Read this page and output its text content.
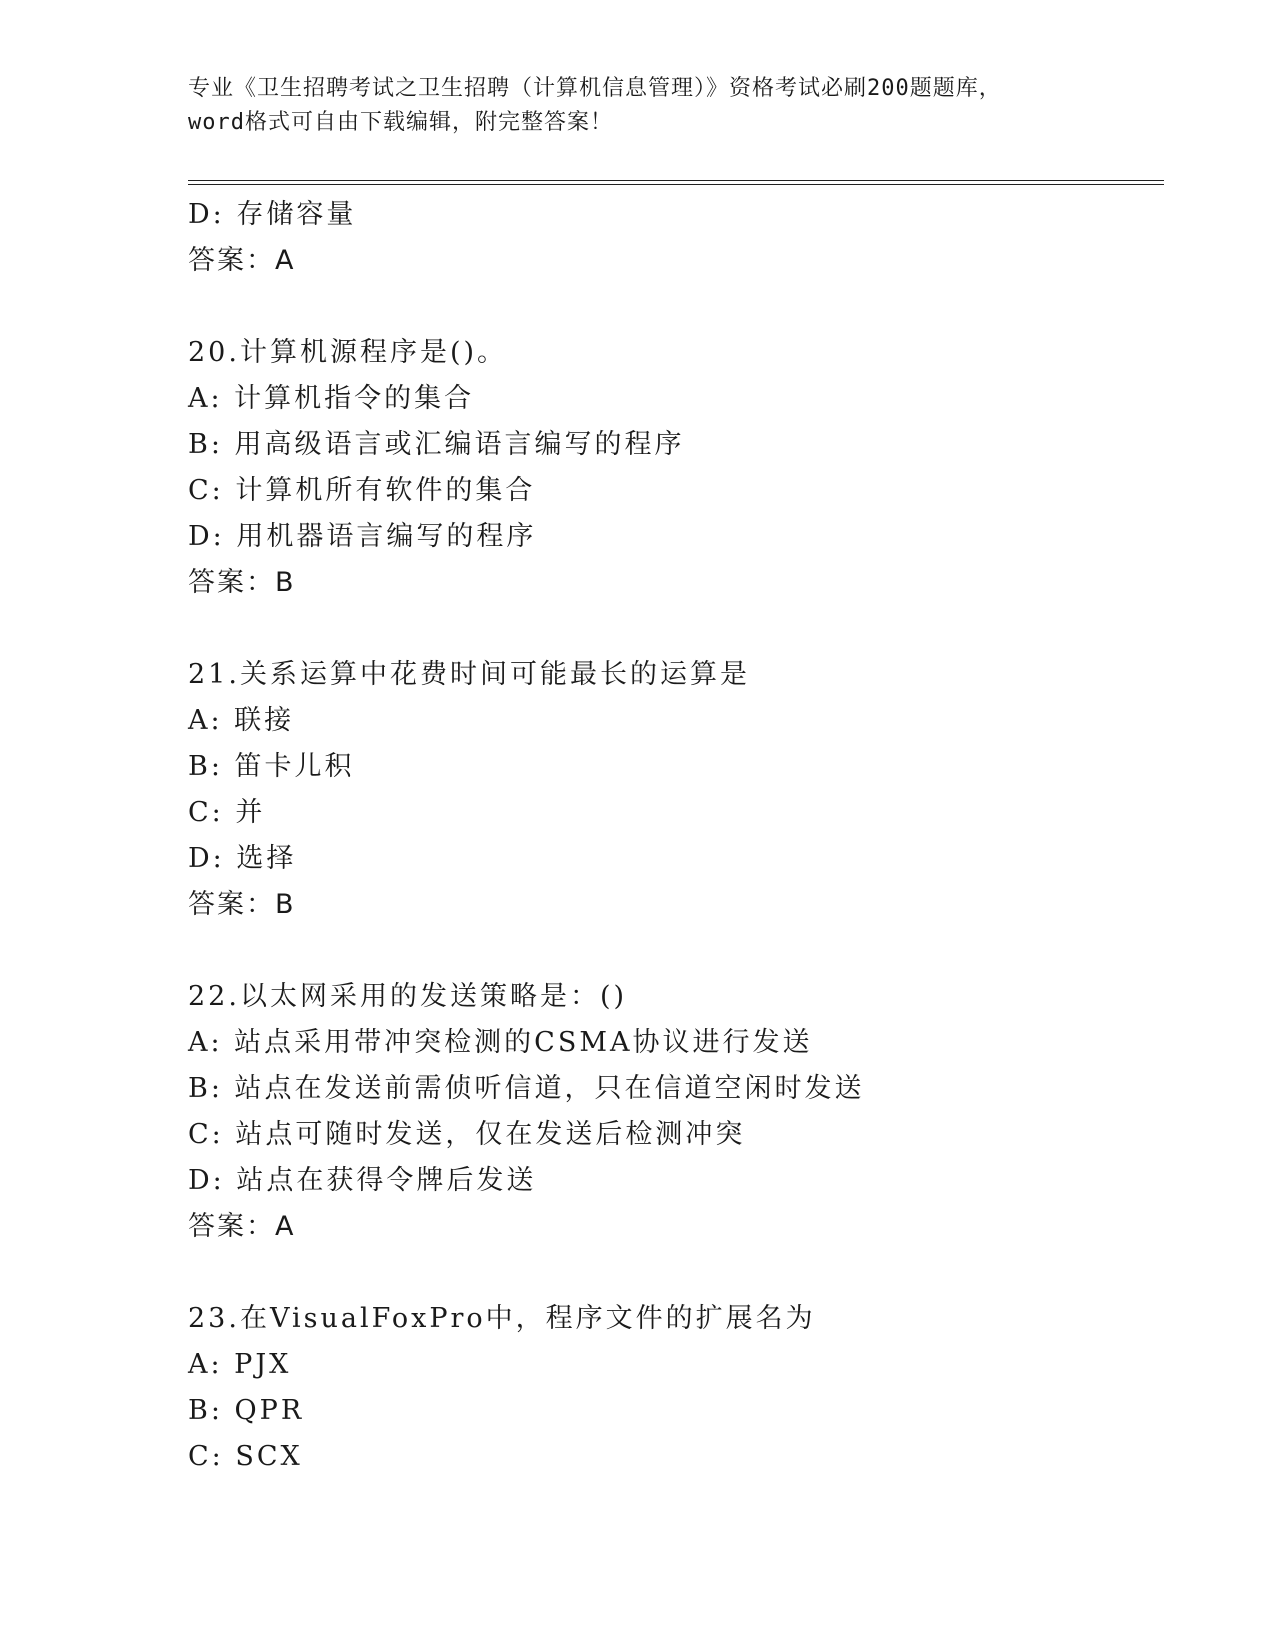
专业《卫生招聘考试之卫生招聘（计算机信息管理）》资格考试必刷200题题库，
word格式可自由下载编辑，附完整答案！
D: 存储容量
答案：A
20.计算机源程序是()。
A: 计算机指令的集合
B: 用高级语言或汇编语言编写的程序
C: 计算机所有软件的集合
D: 用机器语言编写的程序
答案：B
21.关系运算中花费时间可能最长的运算是
A: 联接
B: 笛卡儿积
C: 并
D: 选择
答案：B
22.以太网采用的发送策略是：()
A: 站点采用带冲突检测的CSMA协议进行发送
B: 站点在发送前需侦听信道，只在信道空闲时发送
C: 站点可随时发送，仅在发送后检测冲突
D: 站点在获得令牌后发送
答案：A
23.在VisualFoxPro中，程序文件的扩展名为
A: PJX
B: QPR
C: SCX
